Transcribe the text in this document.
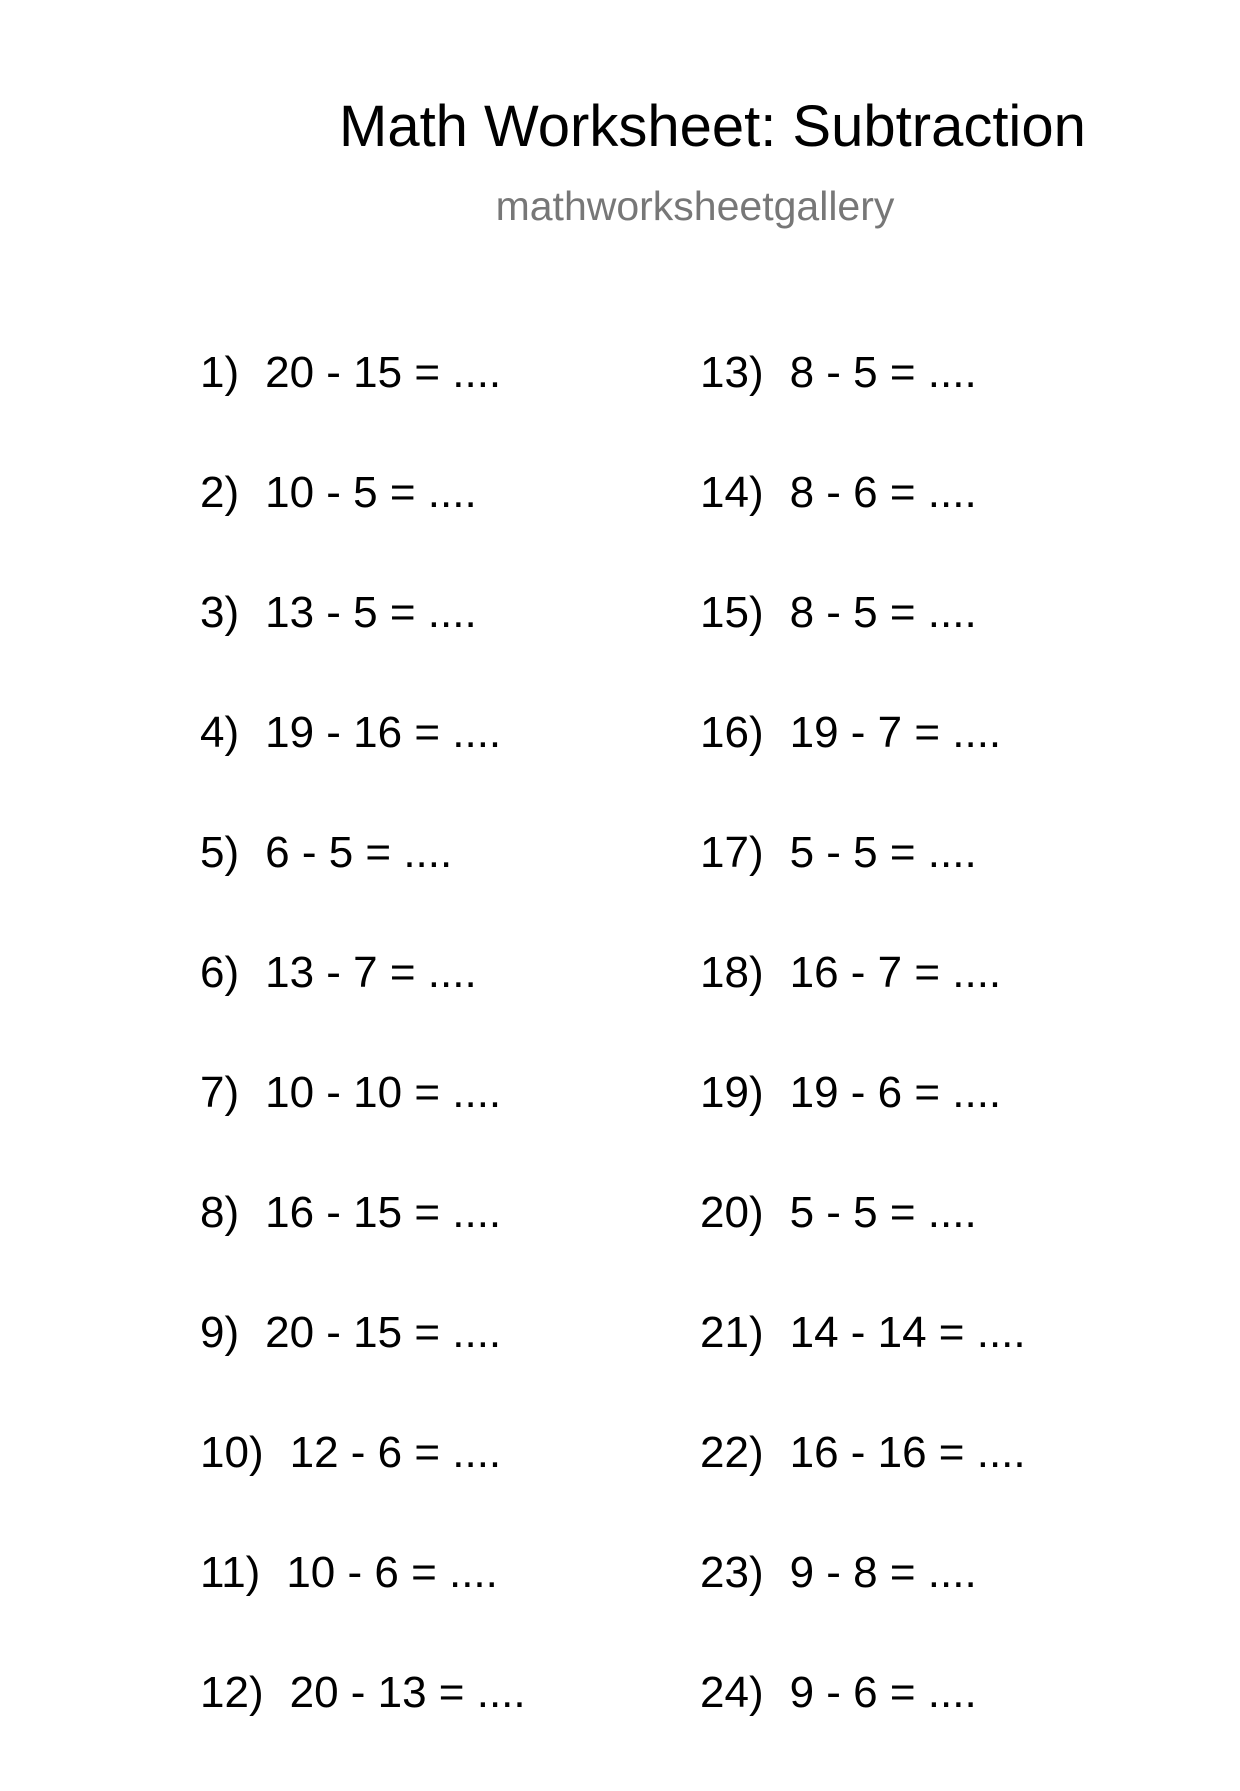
Math Worksheet: Subtraction
mathworksheetgallery
1) 20 - 15 = ....
2) 10 - 5 = ....
3) 13 - 5 = ....
4) 19 - 16 = ....
5) 6 - 5 = ....
6) 13 - 7 = ....
7) 10 - 10 = ....
8) 16 - 15 = ....
9) 20 - 15 = ....
10) 12 - 6 = ....
11) 10 - 6 = ....
12) 20 - 13 = ....
13) 8 - 5 = ....
14) 8 - 6 = ....
15) 8 - 5 = ....
16) 19 - 7 = ....
17) 5 - 5 = ....
18) 16 - 7 = ....
19) 19 - 6 = ....
20) 5 - 5 = ....
21) 14 - 14 = ....
22) 16 - 16 = ....
23) 9 - 8 = ....
24) 9 - 6 = ....
